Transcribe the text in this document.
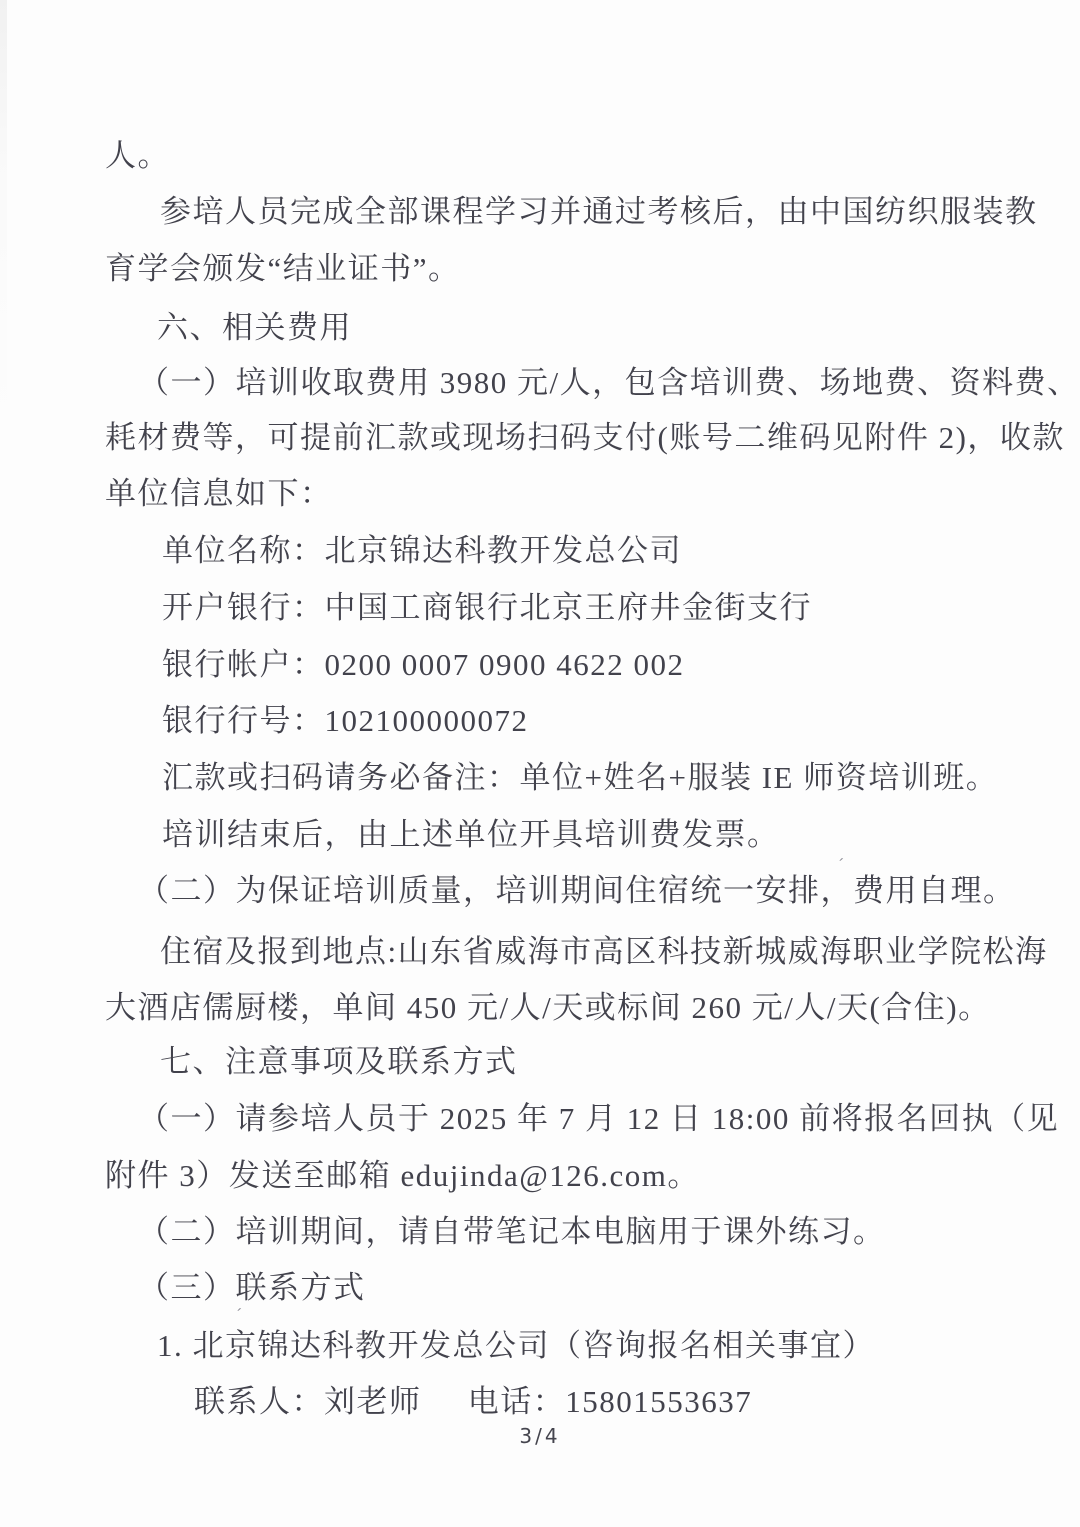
人。
参培人员完成全部课程学习并通过考核后，由中国纺织服装教
育学会颁发“结业证书”。
六、相关费用
（一）培训收取费用 3980 元/人，包含培训费、场地费、资料费、
耗材费等，可提前汇款或现场扫码支付(账号二维码见附件 2)，收款
单位信息如下：
单位名称：北京锦达科教开发总公司
开户银行：中国工商银行北京王府井金街支行
银行帐户：0200 0007 0900 4622 002
银行行号：102100000072
汇款或扫码请务必备注：单位+姓名+服装 IE 师资培训班。
培训结束后，由上述单位开具培训费发票。
（二）为保证培训质量，培训期间住宿统一安排，费用自理。
住宿及报到地点:山东省威海市高区科技新城威海职业学院松海
大酒店儒厨楼，单间 450 元/人/天或标间 260 元/人/天(合住)。
七、注意事项及联系方式
（一）请参培人员于 2025 年 7 月 12 日 18:00 前将报名回执（见
附件 3）发送至邮箱 edujinda@126.com。
（二）培训期间，请自带笔记本电脑用于课外练习。
（三）联系方式
1. 北京锦达科教开发总公司（咨询报名相关事宜）
联系人：刘老师     电话：15801553637
ˊ
ˊ
3/4
